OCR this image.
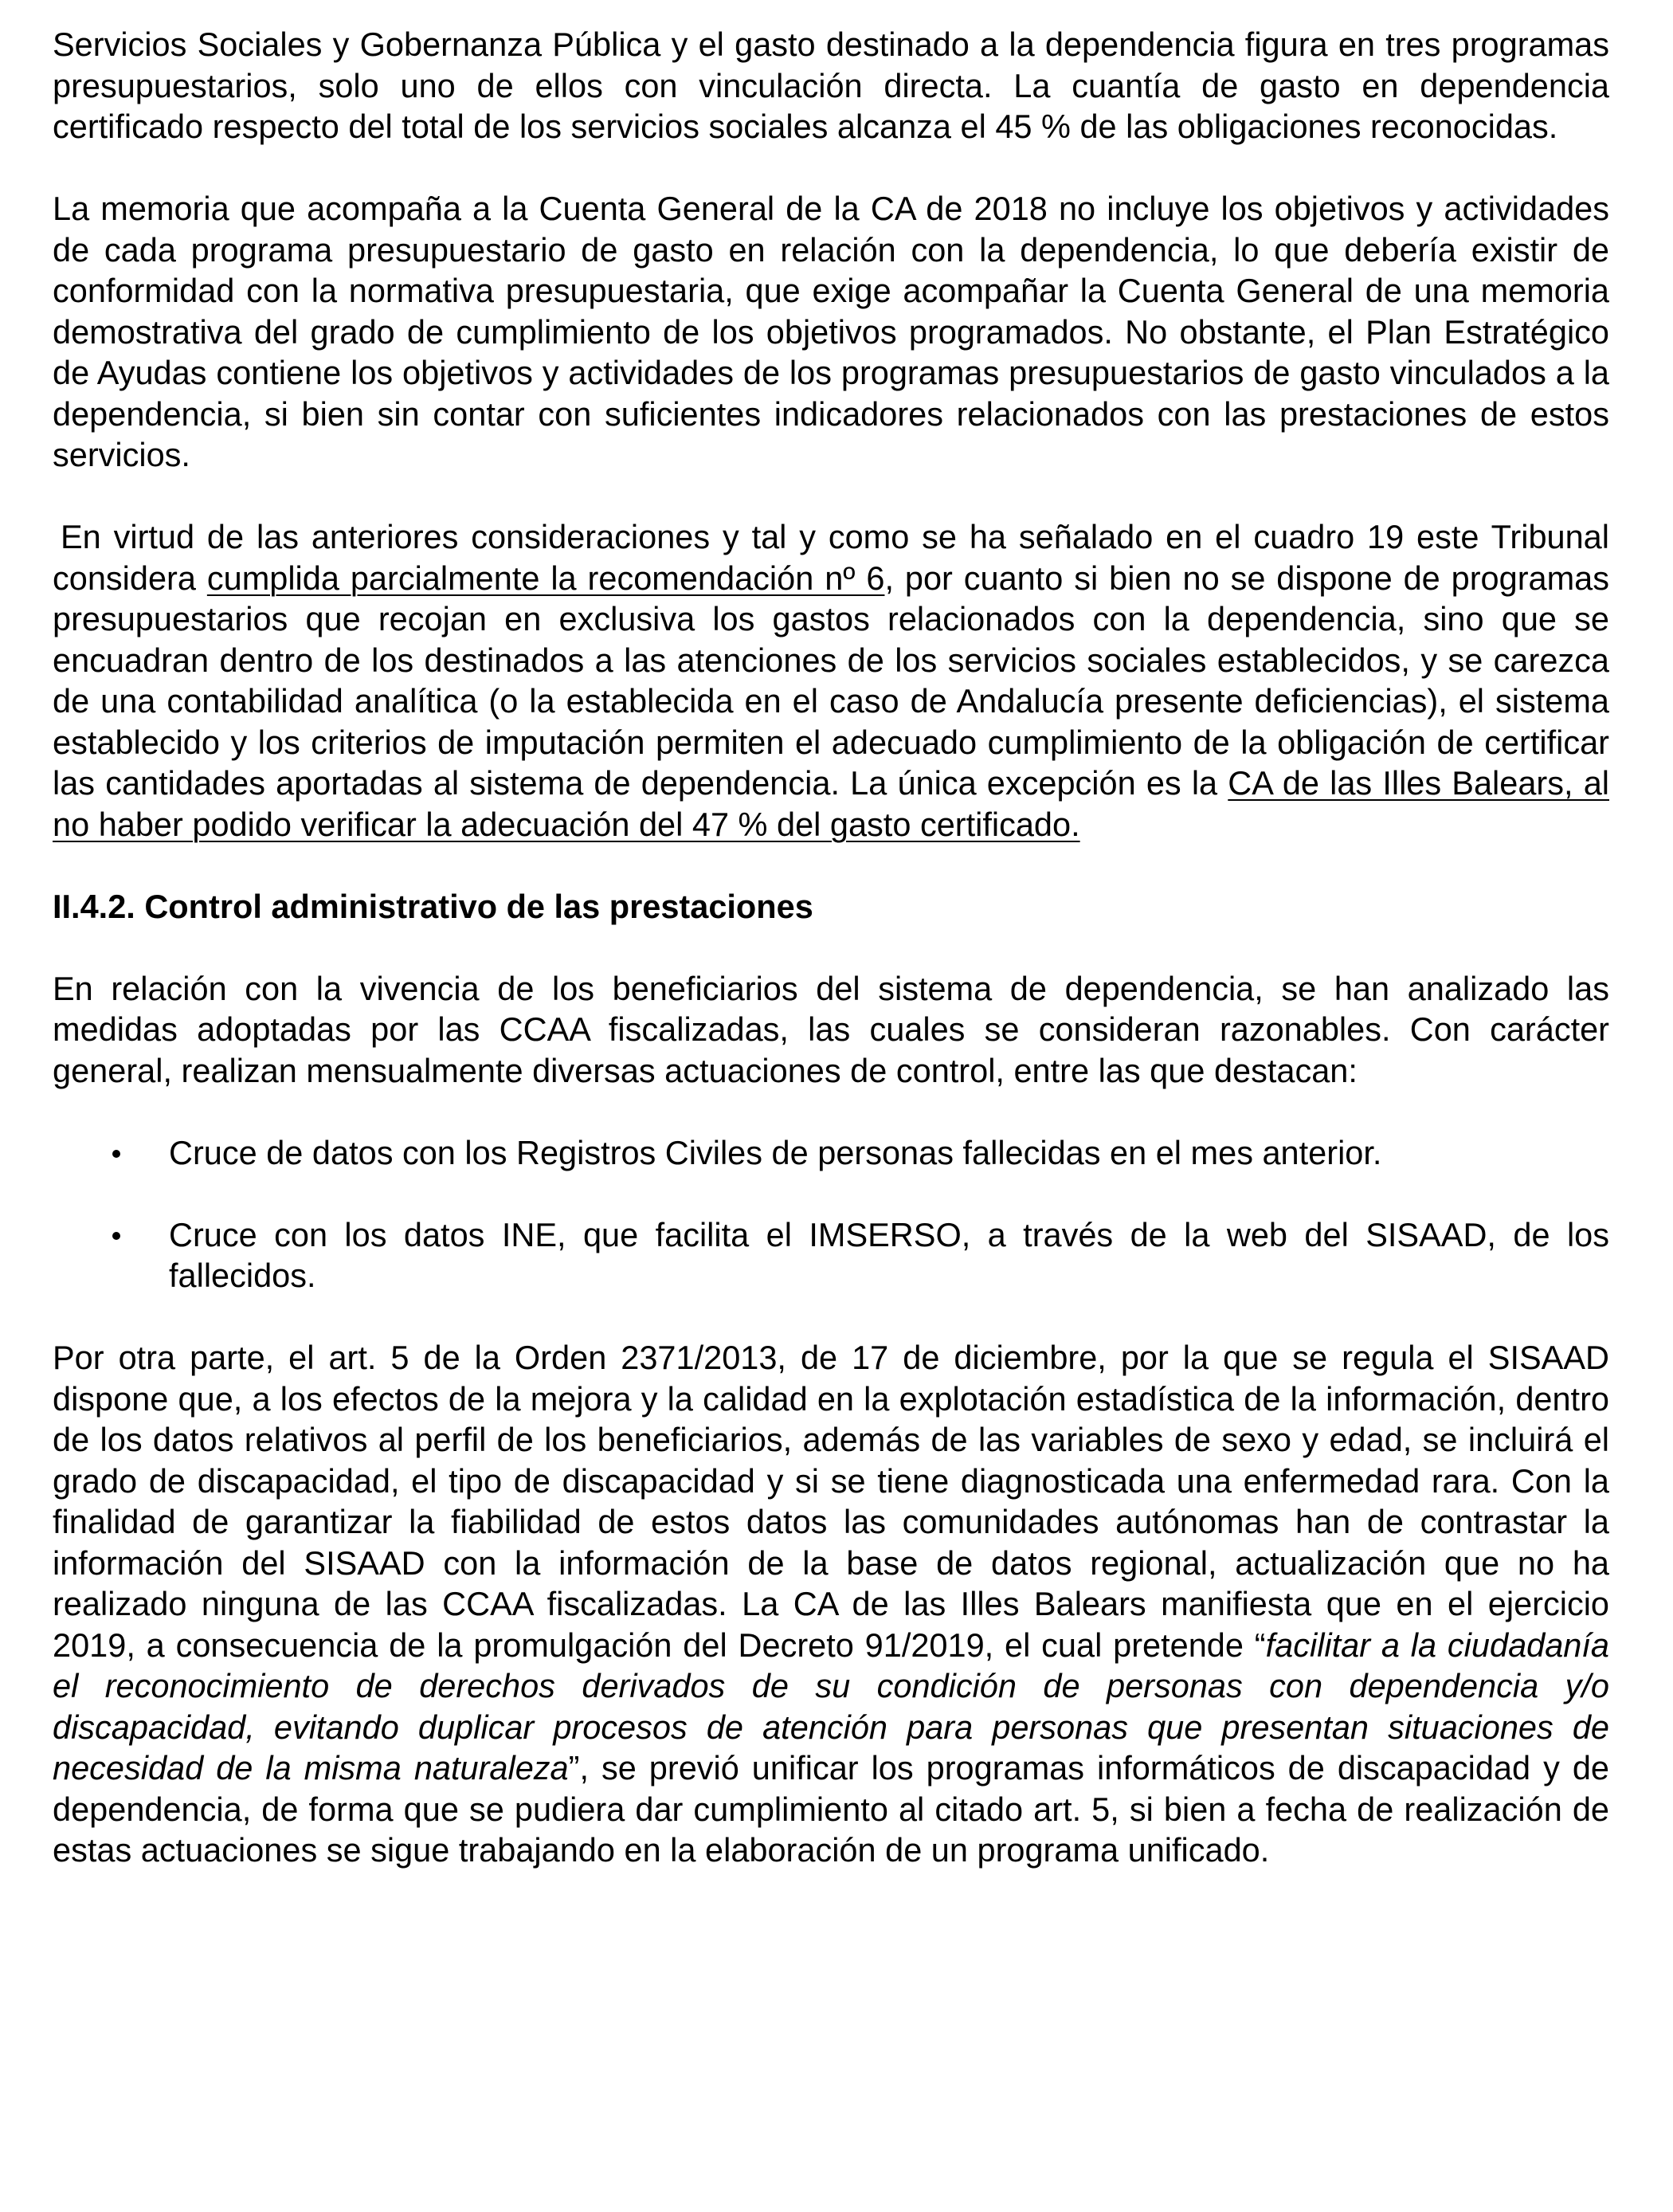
Servicios Sociales y Gobernanza Pública y el gasto destinado a la dependencia figura en tres programas presupuestarios, solo uno de ellos con vinculación directa. La cuantía de gasto en dependencia certificado respecto del total de los servicios sociales alcanza el 45 % de las obligaciones reconocidas.

La memoria que acompaña a la Cuenta General de la CA de 2018 no incluye los objetivos y actividades de cada programa presupuestario de gasto en relación con la dependencia, lo que debería existir de conformidad con la normativa presupuestaria, que exige acompañar la Cuenta General de una memoria demostrativa del grado de cumplimiento de los objetivos programados. No obstante, el Plan Estratégico de Ayudas contiene los objetivos y actividades de los programas presupuestarios de gasto vinculados a la dependencia, si bien sin contar con suficientes indicadores relacionados con las prestaciones de estos servicios.

En virtud de las anteriores consideraciones y tal y como se ha señalado en el cuadro 19 este Tribunal considera cumplida parcialmente la recomendación nº 6, por cuanto si bien no se dispone de programas presupuestarios que recojan en exclusiva los gastos relacionados con la dependencia, sino que se encuadran dentro de los destinados a las atenciones de los servicios sociales establecidos, y se carezca de una contabilidad analítica (o la establecida en el caso de Andalucía presente deficiencias), el sistema establecido y los criterios de imputación permiten el adecuado cumplimiento de la obligación de certificar las cantidades aportadas al sistema de dependencia. La única excepción es la CA de las Illes Balears, al no haber podido verificar la adecuación del 47 % del gasto certificado.

II.4.2. Control administrativo de las prestaciones

En relación con la vivencia de los beneficiarios del sistema de dependencia, se han analizado las medidas adoptadas por las CCAA fiscalizadas, las cuales se consideran razonables. Con carácter general, realizan mensualmente diversas actuaciones de control, entre las que destacan:

Cruce de datos con los Registros Civiles de personas fallecidas en el mes anterior.
Cruce con los datos INE, que facilita el IMSERSO, a través de la web del SISAAD, de los fallecidos.

Por otra parte, el art. 5 de la Orden 2371/2013, de 17 de diciembre, por la que se regula el SISAAD dispone que, a los efectos de la mejora y la calidad en la explotación estadística de la información, dentro de los datos relativos al perfil de los beneficiarios, además de las variables de sexo y edad, se incluirá el grado de discapacidad, el tipo de discapacidad y si se tiene diagnosticada una enfermedad rara. Con la finalidad de garantizar la fiabilidad de estos datos las comunidades autónomas han de contrastar la información del SISAAD con la información de la base de datos regional, actualización que no ha realizado ninguna de las CCAA fiscalizadas. La CA de las Illes Balears manifiesta que en el ejercicio 2019, a consecuencia de la promulgación del Decreto 91/2019, el cual pretende “facilitar a la ciudadanía el reconocimiento de derechos derivados de su condición de personas con dependencia y/o discapacidad, evitando duplicar procesos de atención para personas que presentan situaciones de necesidad de la misma naturaleza”, se previó unificar los programas informáticos de discapacidad y de dependencia, de forma que se pudiera dar cumplimiento al citado art. 5, si bien a fecha de realización de estas actuaciones se sigue trabajando en la elaboración de un programa unificado.
